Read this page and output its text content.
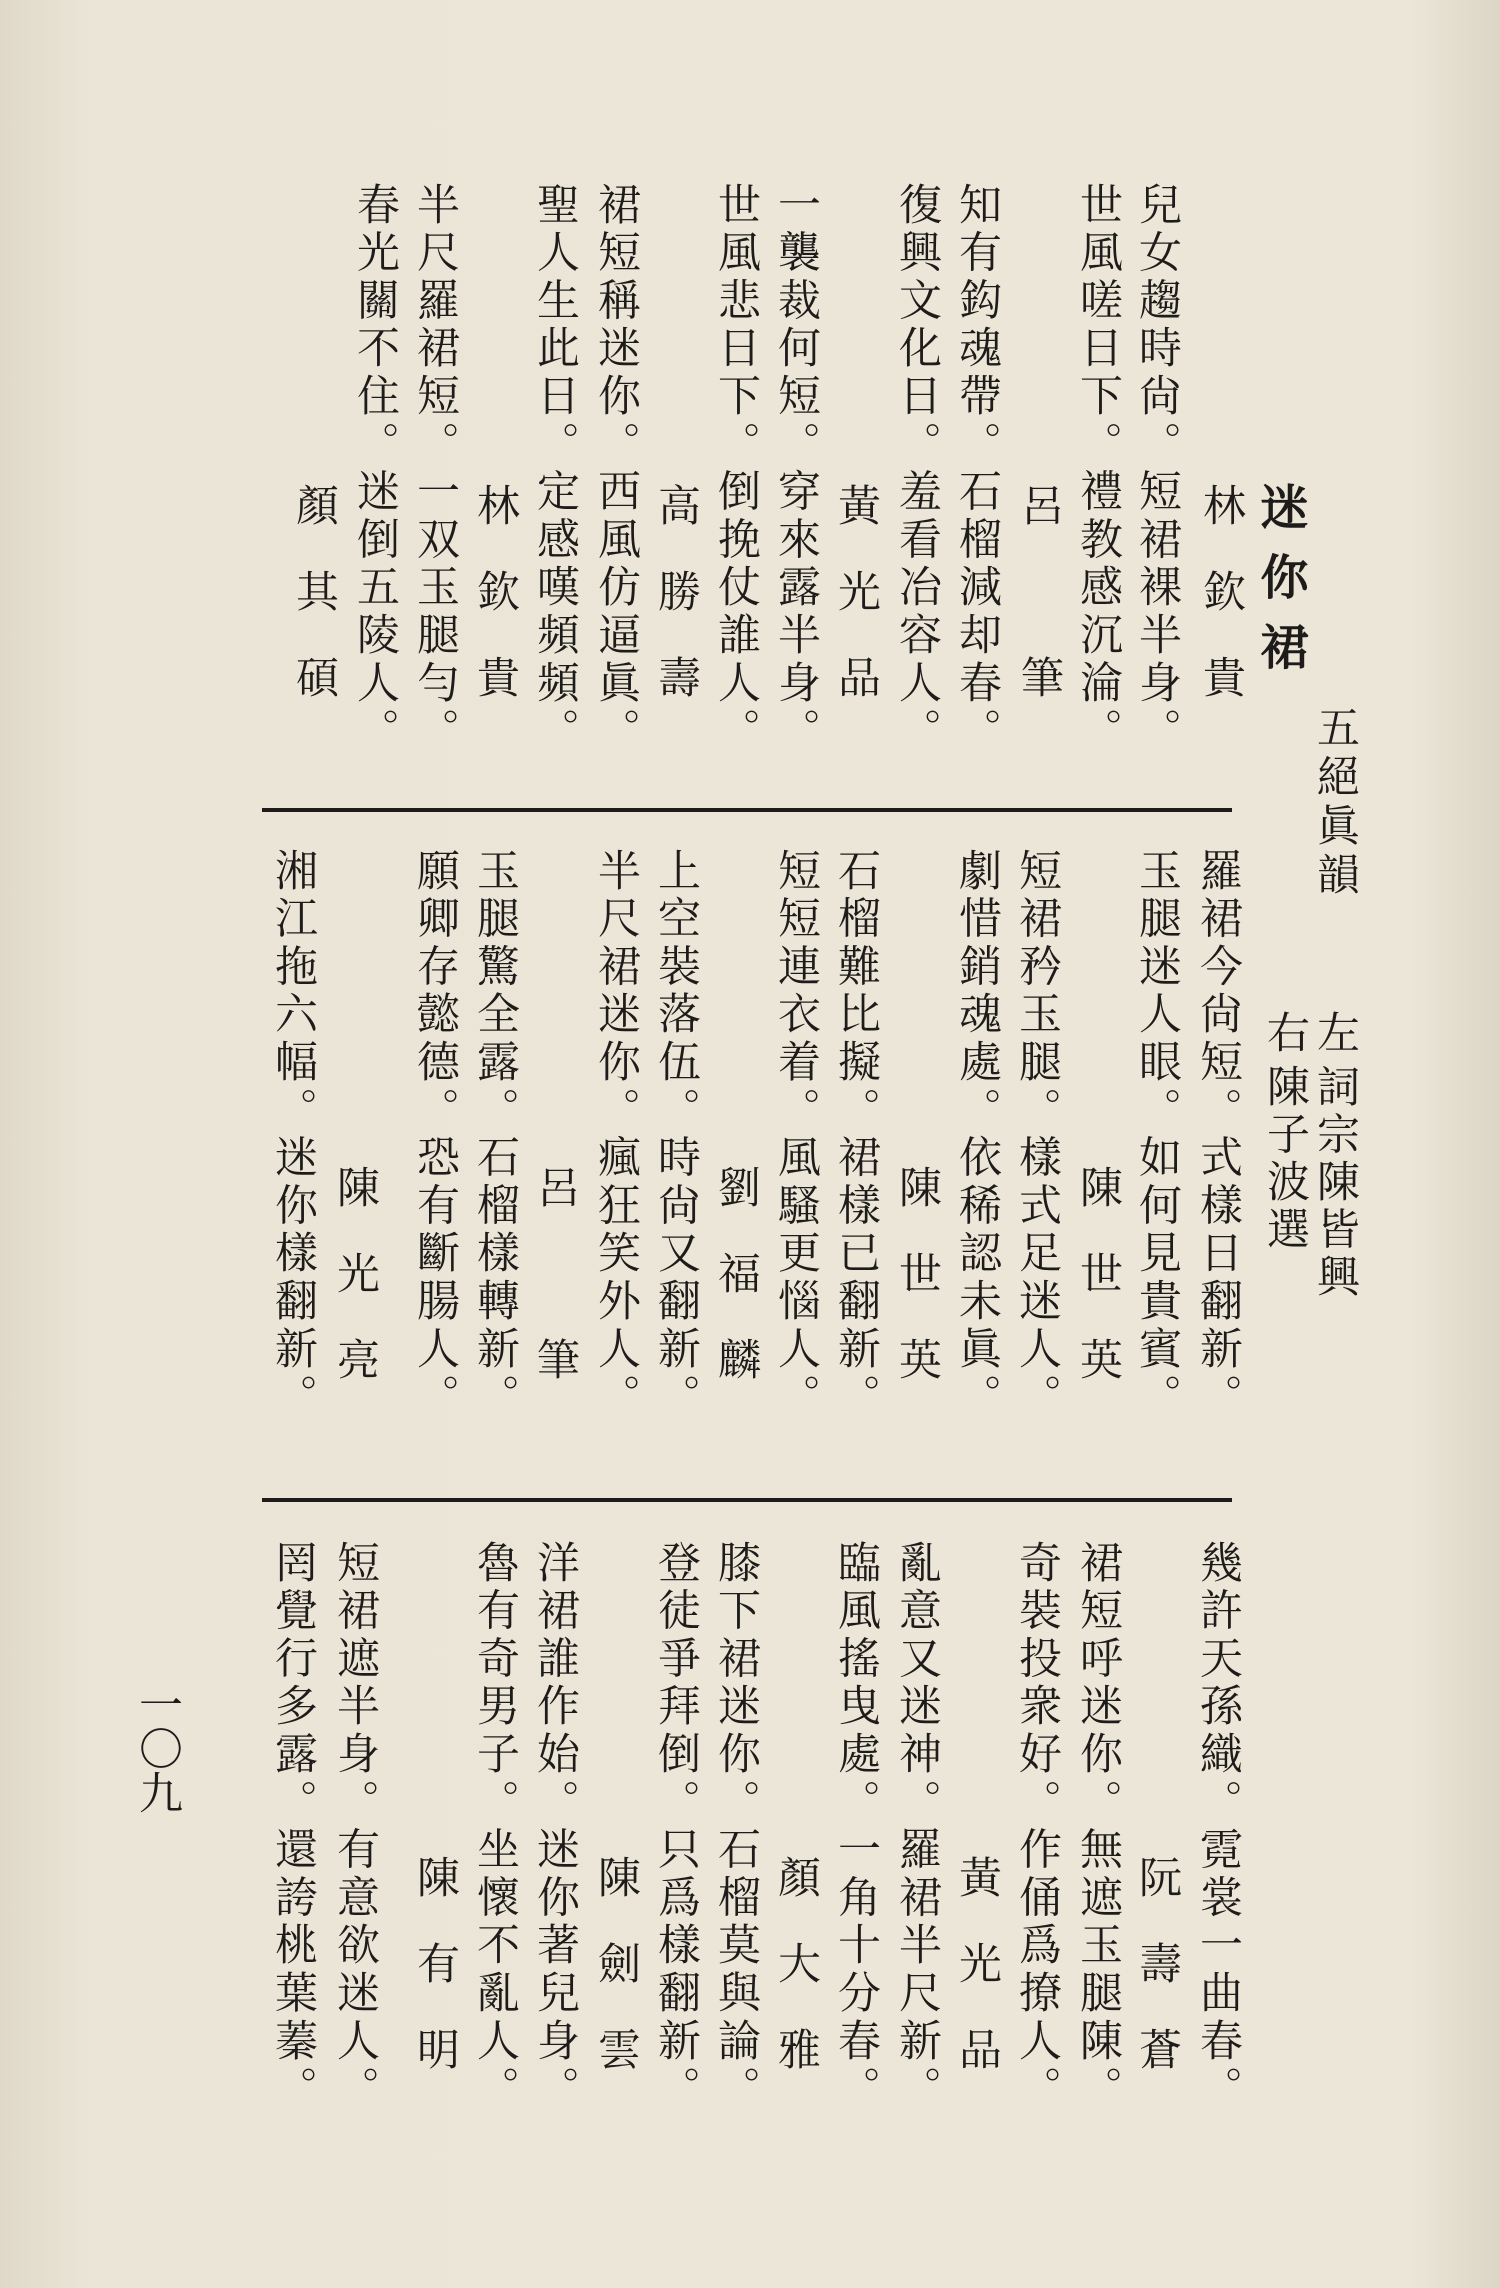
迷你裙
五絕眞韻
林　欽　貴
兒女趨時尙。短裙裸半身。
世風嗟日下。禮教感沉淪。
呂　　　筆
知有鈎魂帶。石榴減却春。
復興文化日。羞看冶容人。
黃　光　品
一襲裁何短。穿來露半身。
世風悲日下。倒挽仗誰人。
高　勝　壽
裙短稱迷你。西風仿逼眞。
聖人生此日。定感嘆頻頻。
林　欽　貴
半尺羅裙短。一双玉腿勻。
春光關不住。迷倒五陵人。
顏　其　碩
左
詞宗陳皆興
右
陳子波選
羅裙今尙短。式樣日翻新。
玉腿迷人眼。如何見貴賓。
陳　世　英
短裙矜玉腿。樣式足迷人。
劇惜銷魂處。依稀認未眞。
陳　世　英
石榴難比擬。裙樣已翻新。
短短連衣着。風騷更惱人。
劉　福　麟
上空裝落伍。時尙又翻新。
半尺裙迷你。瘋狂笑外人。
呂　　　筆
玉腿驚全露。石榴樣轉新。
願卿存懿德。恐有斷腸人。
陳　光　亮
湘江拖六幅。迷你樣翻新。
幾許天孫織。霓裳一曲春。
阮　壽　蒼
裙短呼迷你。無遮玉腿陳。
奇裝投衆好。作俑爲撩人。
黃　光　品
亂意又迷神。羅裙半尺新。
臨風搖曳處。一角十分春。
顏　大　雅
膝下裙迷你。石榴莫與論。
登徒爭拜倒。只爲樣翻新。
陳　劍　雲
洋裙誰作始。迷你著兒身。
魯有奇男子。坐懷不亂人。
陳　有　明
短裙遮半身。有意欲迷人。
罔覺行多露。還誇桃葉蓁。
一〇九
